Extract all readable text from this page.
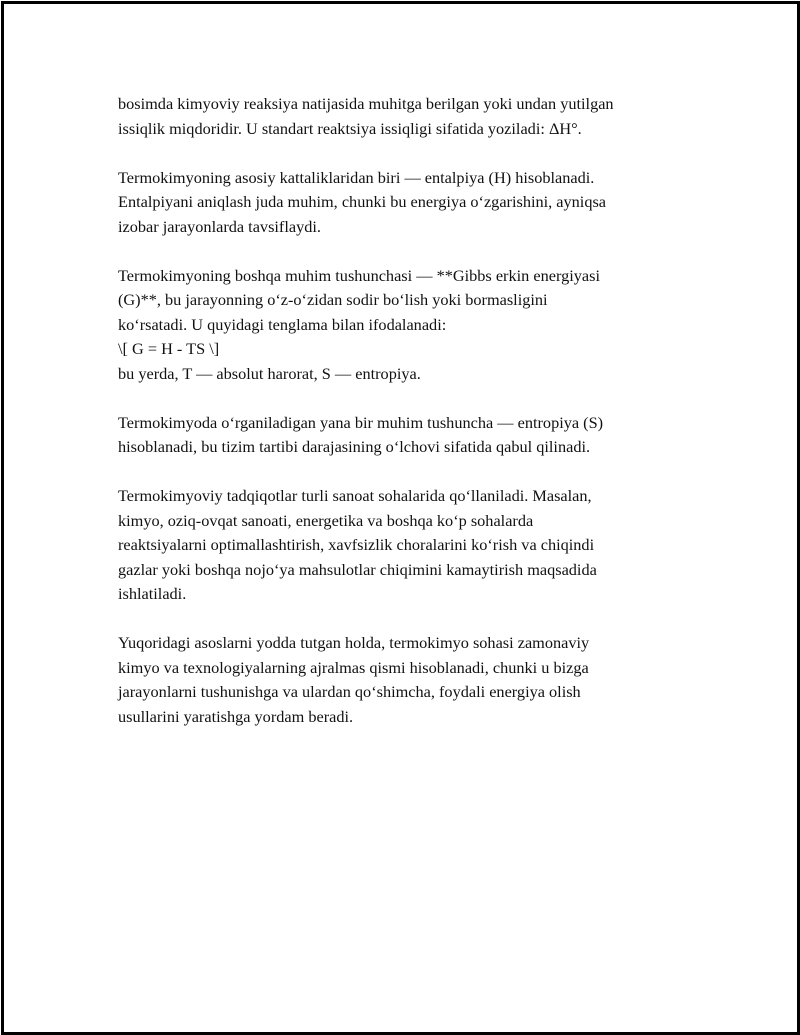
bosimda kimyoviy reaksiya natijasida muhitga berilgan yoki undan yutilgan
issiqlik miqdoridir. U standart reaktsiya issiqligi sifatida yoziladi: ΔH°.

Termokimyoning asosiy kattaliklaridan biri — entalpiya (H) hisoblanadi.
Entalpiyani aniqlash juda muhim, chunki bu energiya oʻzgarishini, ayniqsa
izobar jarayonlarda tavsiflaydi.

Termokimyoning boshqa muhim tushunchasi — **Gibbs erkin energiyasi
(G)**, bu jarayonning oʻz-oʻzidan sodir boʻlish yoki bormasligini
koʻrsatadi. U quyidagi tenglama bilan ifodalanadi:
\[ G = H - TS \]
bu yerda, T — absolut harorat, S — entropiya.

Termokimyoda oʻrganiladigan yana bir muhim tushuncha — entropiya (S)
hisoblanadi, bu tizim tartibi darajasining oʻlchovi sifatida qabul qilinadi.

Termokimyoviy tadqiqotlar turli sanoat sohalarida qoʻllaniladi. Masalan,
kimyo, oziq-ovqat sanoati, energetika va boshqa koʻp sohalarda
reaktsiyalarni optimallashtirish, xavfsizlik choralarini koʻrish va chiqindi
gazlar yoki boshqa nojoʻya mahsulotlar chiqimini kamaytirish maqsadida
ishlatiladi.

Yuqoridagi asoslarni yodda tutgan holda, termokimyo sohasi zamonaviy
kimyo va texnologiyalarning ajralmas qismi hisoblanadi, chunki u bizga
jarayonlarni tushunishga va ulardan qoʻshimcha, foydali energiya olish
usullarini yaratishga yordam beradi.
